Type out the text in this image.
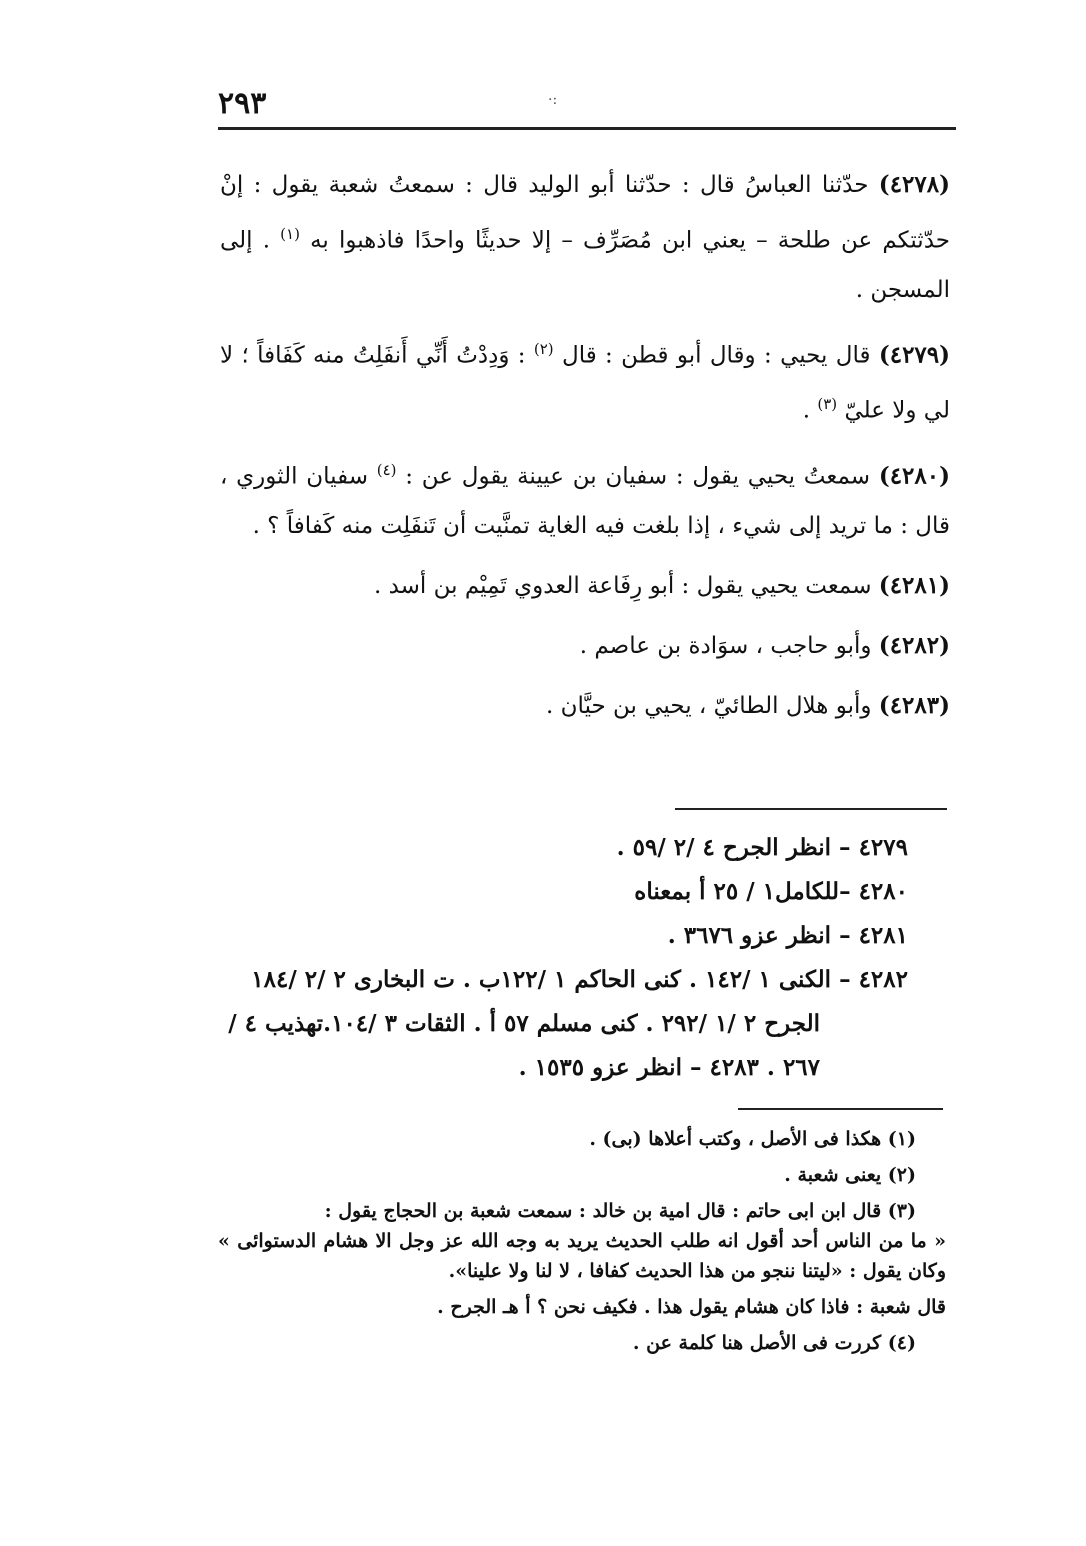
٢٩٣	·:

(٤٢٧٨) حدّثنا العباسُ قال : حدّثنا أبو الوليد قال : سمعتُ شعبة يقول : إنْ حدّثتكم عن طلحة – يعني ابن مُصَرِّف – إلا حديثًا واحدًا فاذهبوا به $^{(١)}$ . إلى المسجن .

(٤٢٧٩) قال يحيي : وقال أبو قطن : قال $^{(٢)}$ : وَدِدْتُ أَنِّي أَنفَلِتُ منه كَفَافاً ؛ لا لي ولا عليّ $^{(٣)}$ .

(٤٢٨٠) سمعتُ يحيي يقول : سفيان بن عيينة يقول عن : $^{(٤)}$ سفيان الثوري ، قال : ما تريد إلى شيء ، إذا بلغت فيه الغاية تمنَّيت أن تَنفَلِت منه كَفافاً ؟ .

(٤٢٨١) سمعت يحيي يقول : أبو رِفَاعة العدوي تَمِيْم بن أسد .

(٤٢٨٢) وأبو حاجب ، سوَادة بن عاصم .

(٤٢٨٣) وأبو هلال الطائيّ ، يحيي بن حيَّان .

٤٢٧٩ – انظر الجرح ٤ /٢ /٥٩ .
٤٢٨٠ –للكامل١ / ٢٥ أ بمعناه
٤٢٨١ – انظر عزو ٣٦٧٦ .
٤٢٨٢ – الكنى ١ /١٤٢ . كنى الحاكم ١ /١٢٢ب . ت البخارى ٢ /٢ /١٨٤
الجرح ٢ /١ /٢٩٢ . كنى مسلم ٥٧ أ . الثقات ٣ /١٠٤.تهذيب ٤ /
٢٦٧ . ٤٢٨٣ – انظر عزو ١٥٣٥ .

(١) هكذا فى الأصل ، وكتب أعلاها (بى) .

(٢) يعنى شعبة .

(٣) قال ابن ابى حاتم : قال امية بن خالد : سمعت شعبة بن الحجاج يقول :

« ما من الناس أحد أقول انه طلب الحديث يريد به وجه الله عز وجل الا هشام الدستوائى » وكان يقول : «ليتنا ننجو من هذا الحديث كفافا ، لا لنا ولا علينا».

قال شعبة : فاذا كان هشام يقول هذا . فكيف نحن ؟ أ هـ الجرح .

(٤) كررت فى الأصل هنا كلمة عن .
